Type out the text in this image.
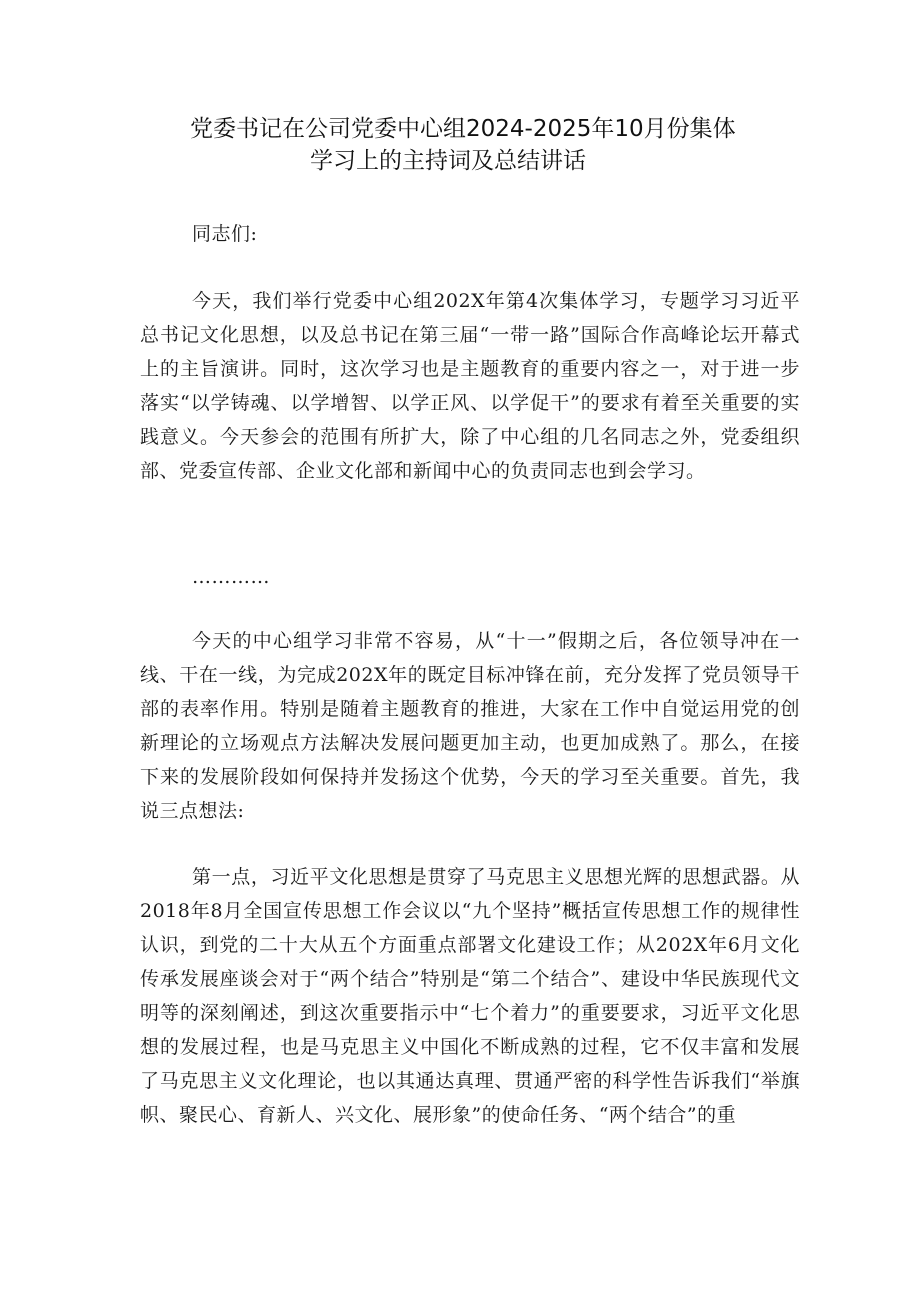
党委书记在公司党委中心组2024-2025年10月份集体
学习上的主持词及总结讲话

同志们:

今天，我们举行党委中心组202X年第4次集体学习，专题学习习近平总书记文化思想，以及总书记在第三届“一带一路”国际合作高峰论坛开幕式上的主旨演讲。同时，这次学习也是主题教育的重要内容之一，对于进一步落实“以学铸魂、以学增智、以学正风、以学促干”的要求有着至关重要的实践意义。今天参会的范围有所扩大，除了中心组的几名同志之外，党委组织部、党委宣传部、企业文化部和新闻中心的负责同志也到会学习。

…………

今天的中心组学习非常不容易，从“十一”假期之后，各位领导冲在一线、干在一线，为完成202X年的既定目标冲锋在前，充分发挥了党员领导干部的表率作用。特别是随着主题教育的推进，大家在工作中自觉运用党的创新理论的立场观点方法解决发展问题更加主动，也更加成熟了。那么，在接下来的发展阶段如何保持并发扬这个优势，今天的学习至关重要。首先，我说三点想法:

第一点，习近平文化思想是贯穿了马克思主义思想光辉的思想武器。从2018年8月全国宣传思想工作会议以“九个坚持”概括宣传思想工作的规律性认识，到党的二十大从五个方面重点部署文化建设工作；从202X年6月文化传承发展座谈会对于“两个结合”特别是“第二个结合”、建设中华民族现代文明等的深刻阐述，到这次重要指示中“七个着力”的重要要求，习近平文化思想的发展过程，也是马克思主义中国化不断成熟的过程，它不仅丰富和发展了马克思主义文化理论，也以其通达真理、贯通严密的科学性告诉我们“举旗帜、聚民心、育新人、兴文化、展形象”的使命任务、“两个结合”的重
